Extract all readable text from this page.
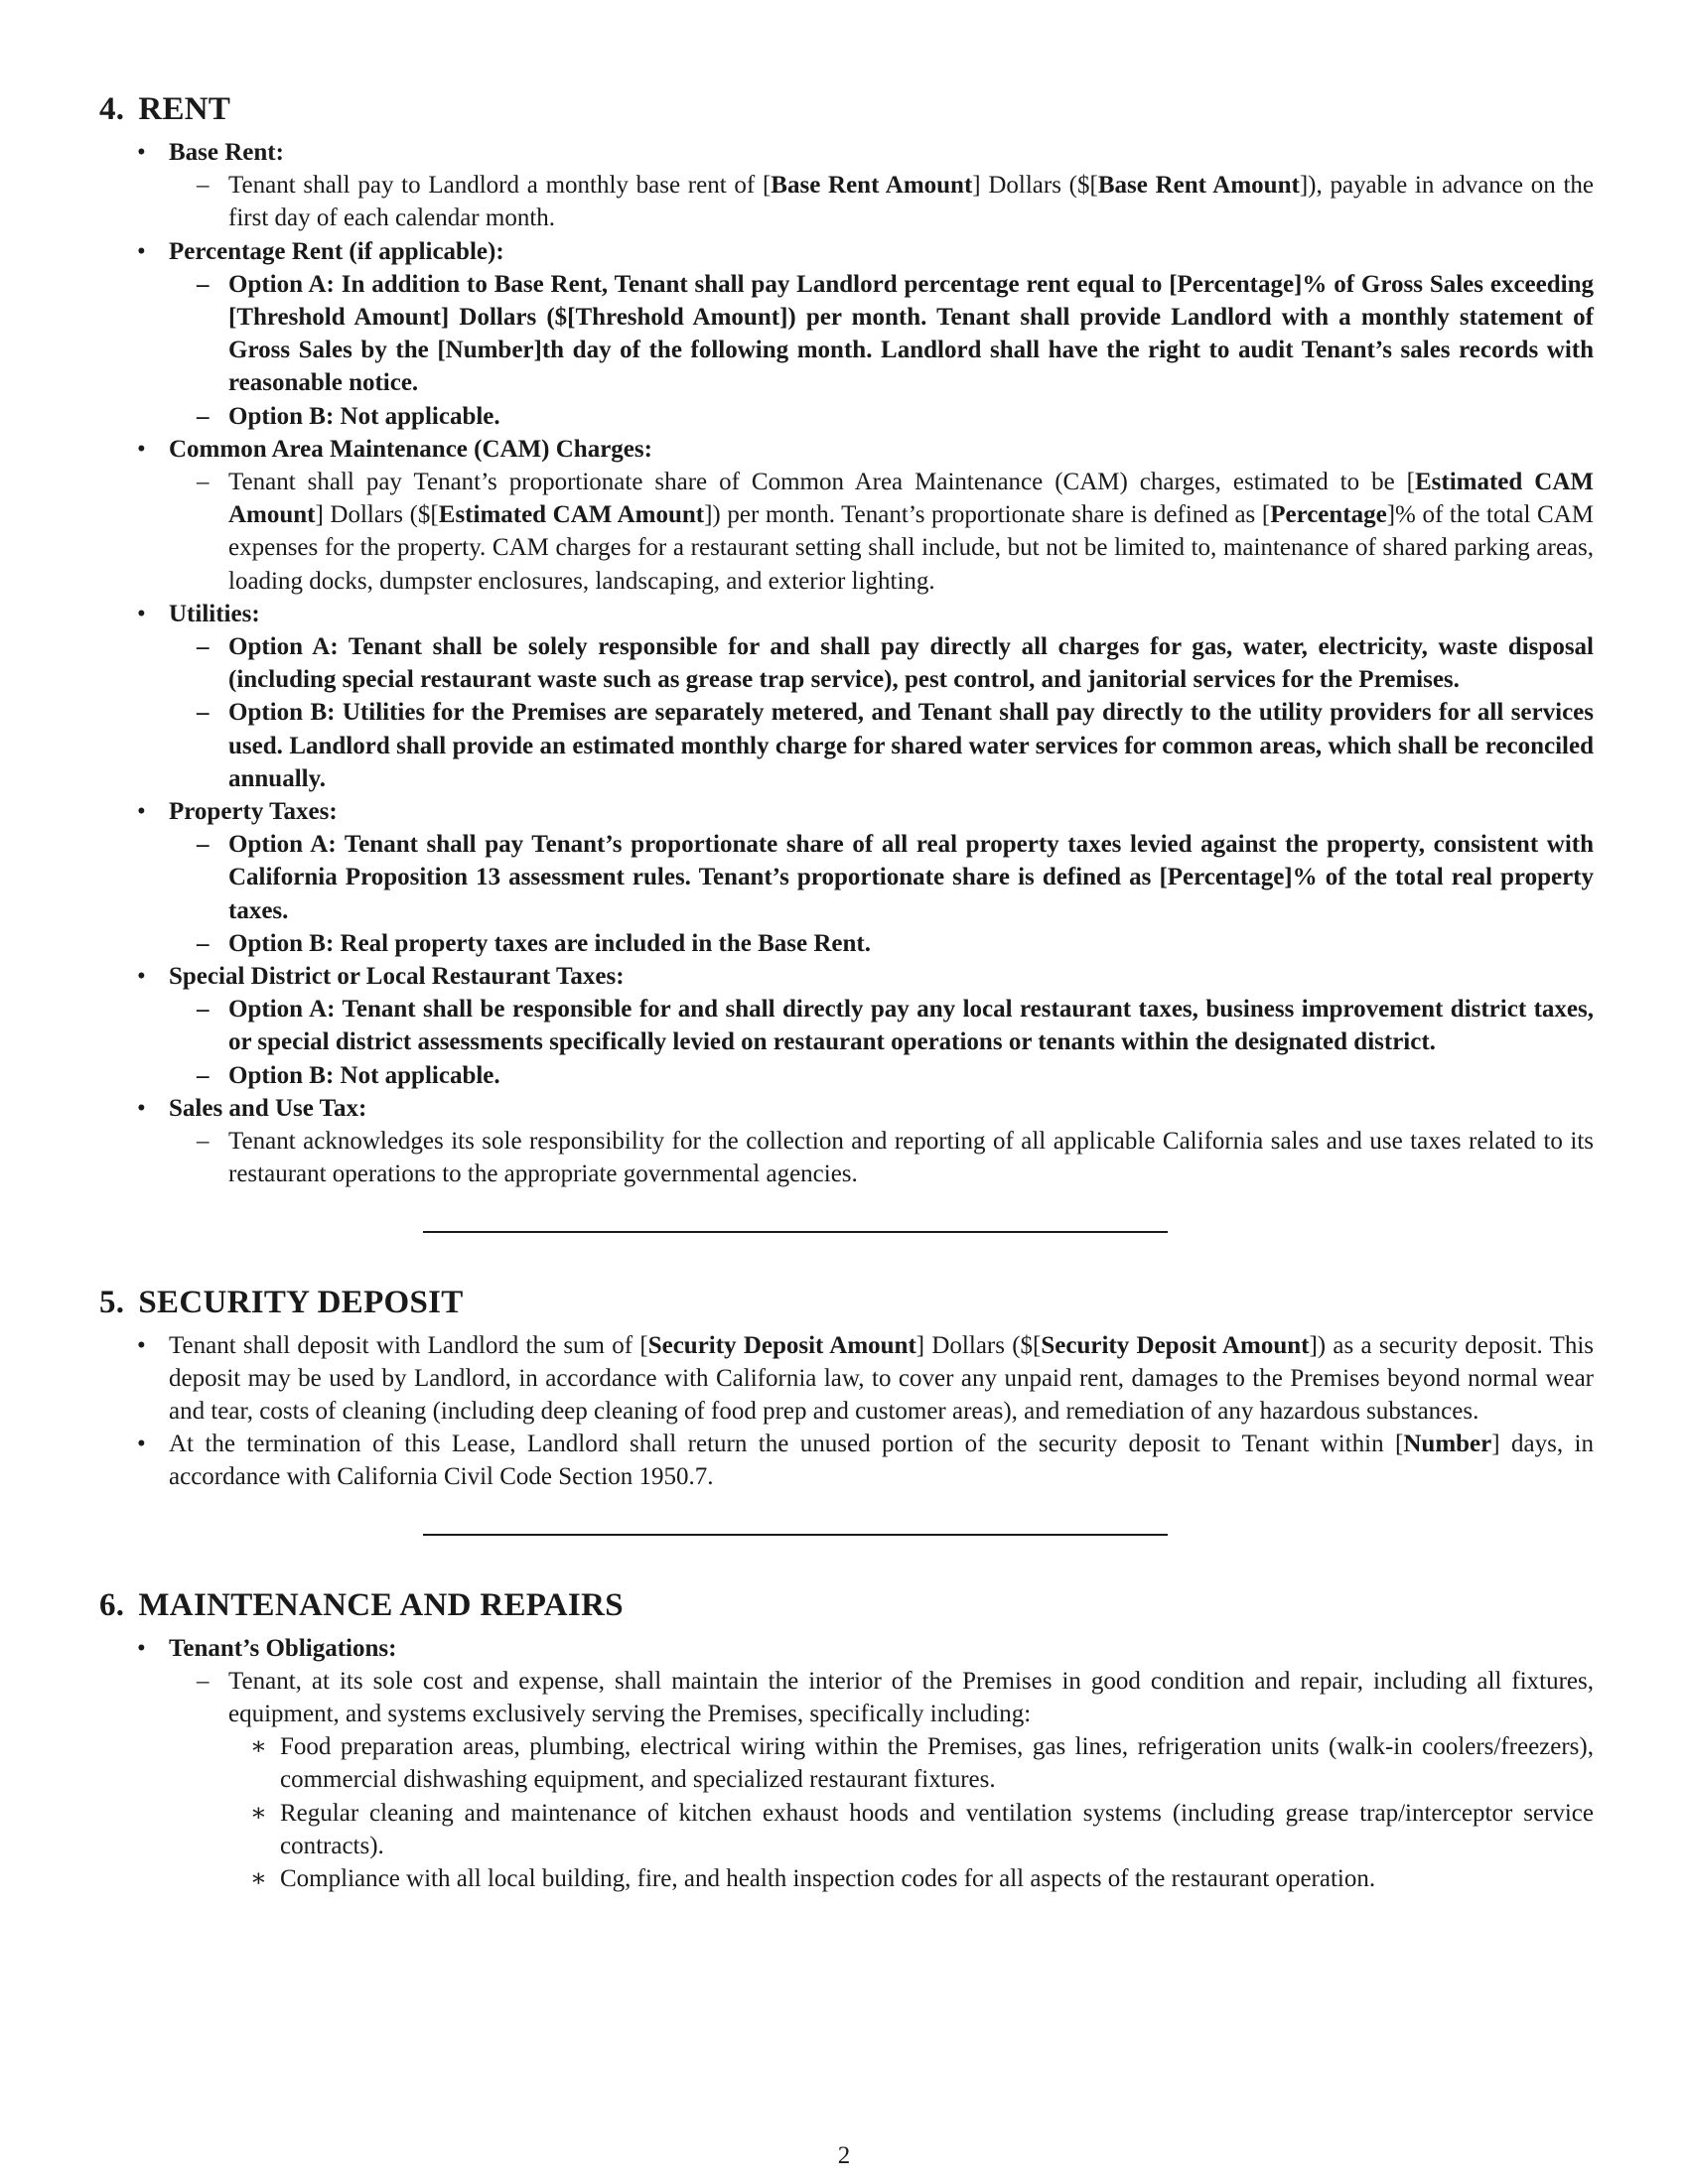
4. RENT
• Base Rent:
– Tenant shall pay to Landlord a monthly base rent of [Base Rent Amount] Dollars ($[Base Rent Amount]), payable in advance on the first day of each calendar month.
• Percentage Rent (if applicable):
– Option A: In addition to Base Rent, Tenant shall pay Landlord percentage rent equal to [Percentage]% of Gross Sales exceeding [Threshold Amount] Dollars ($[Threshold Amount]) per month. Tenant shall provide Landlord with a monthly statement of Gross Sales by the [Number]th day of the following month. Landlord shall have the right to audit Tenant’s sales records with reasonable notice.
– Option B: Not applicable.
• Common Area Maintenance (CAM) Charges:
– Tenant shall pay Tenant’s proportionate share of Common Area Maintenance (CAM) charges, estimated to be [Estimated CAM Amount] Dollars ($[Estimated CAM Amount]) per month. Tenant’s proportionate share is defined as [Percentage]% of the total CAM expenses for the property. CAM charges for a restaurant setting shall include, but not be limited to, maintenance of shared parking areas, loading docks, dumpster enclosures, landscaping, and exterior lighting.
• Utilities:
– Option A: Tenant shall be solely responsible for and shall pay directly all charges for gas, water, electricity, waste disposal (including special restaurant waste such as grease trap service), pest control, and janitorial services for the Premises.
– Option B: Utilities for the Premises are separately metered, and Tenant shall pay directly to the utility providers for all services used. Landlord shall provide an estimated monthly charge for shared water services for common areas, which shall be reconciled annually.
• Property Taxes:
– Option A: Tenant shall pay Tenant’s proportionate share of all real property taxes levied against the property, consistent with California Proposition 13 assessment rules. Tenant’s proportionate share is defined as [Percentage]% of the total real property taxes.
– Option B: Real property taxes are included in the Base Rent.
• Special District or Local Restaurant Taxes:
– Option A: Tenant shall be responsible for and shall directly pay any local restaurant taxes, business improvement district taxes, or special district assessments specifically levied on restaurant operations or tenants within the designated district.
– Option B: Not applicable.
• Sales and Use Tax:
– Tenant acknowledges its sole responsibility for the collection and reporting of all applicable California sales and use taxes related to its restaurant operations to the appropriate governmental agencies.
5. SECURITY DEPOSIT
• Tenant shall deposit with Landlord the sum of [Security Deposit Amount] Dollars ($[Security Deposit Amount]) as a security deposit. This deposit may be used by Landlord, in accordance with California law, to cover any unpaid rent, damages to the Premises beyond normal wear and tear, costs of cleaning (including deep cleaning of food prep and customer areas), and remediation of any hazardous substances.
• At the termination of this Lease, Landlord shall return the unused portion of the security deposit to Tenant within [Number] days, in accordance with California Civil Code Section 1950.7.
6. MAINTENANCE AND REPAIRS
• Tenant’s Obligations:
– Tenant, at its sole cost and expense, shall maintain the interior of the Premises in good condition and repair, including all fixtures, equipment, and systems exclusively serving the Premises, specifically including:
∗ Food preparation areas, plumbing, electrical wiring within the Premises, gas lines, refrigeration units (walk-in coolers/freezers), commercial dishwashing equipment, and specialized restaurant fixtures.
∗ Regular cleaning and maintenance of kitchen exhaust hoods and ventilation systems (including grease trap/interceptor service contracts).
∗ Compliance with all local building, fire, and health inspection codes for all aspects of the restaurant operation.
2
